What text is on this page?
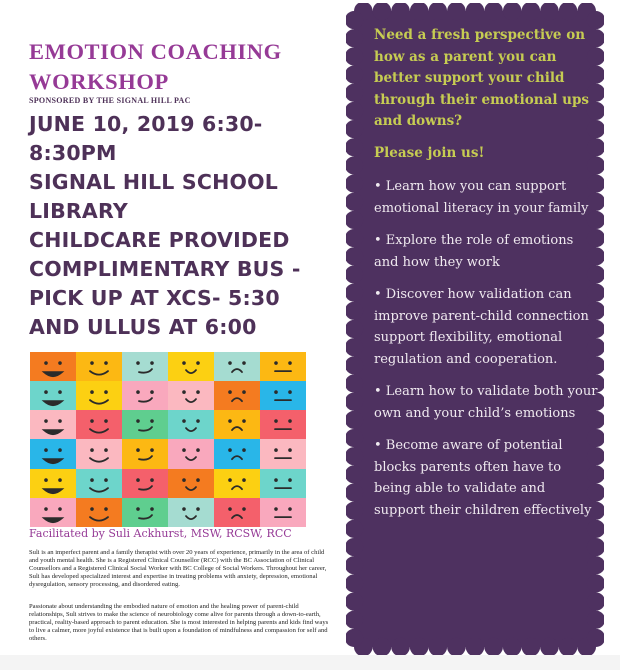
EMOTION COACHING
WORKSHOP
SPONSORED BY THE SIGNAL HILL PAC
JUNE 10, 2019 6:30-
8:30PM
SIGNAL HILL SCHOOL
LIBRARY
CHILDCARE PROVIDED
COMPLIMENTARY BUS -
PICK UP AT XCS- 5:30
AND ULLUS AT 6:00
Facilitated by Suli Ackhurst, MSW, RCSW, RCC

Suli is an imperfect parent and a family therapist with over 20 years of experience, primarily in the area of child and youth mental health. She is a Registered Clinical Counsellor (RCC) with the BC Association of Clinical Counsellors and a Registered Clinical Social Worker with BC College of Social Workers. Throughout her career, Suli has developed specialized interest and expertise in treating problems with anxiety, depression, emotional dysregulation, sensory processing, and disordered eating.

Passionate about understanding the embodied nature of emotion and the healing power of parent-child relationships, Suli strives to make the science of neurobiology come alive for parents through a down-to-earth, practical, reality-based approach to parent education. She is most interested in helping parents and kids find ways to live a calmer, more joyful existence that is built upon a foundation of mindfulness and compassion for self and others.

Need a fresh perspective on how as a parent you can better support your child through their emotional ups and downs?

Please join us!

• Learn how you can support emotional literacy in your family
• Explore the role of emotions and how they work
• Discover how validation can improve parent-child connection support flexibility, emotional regulation and cooperation.
• Learn how to validate both your own and your child’s emotions
• Become aware of potential blocks parents often have to being able to validate and support their children effectively
